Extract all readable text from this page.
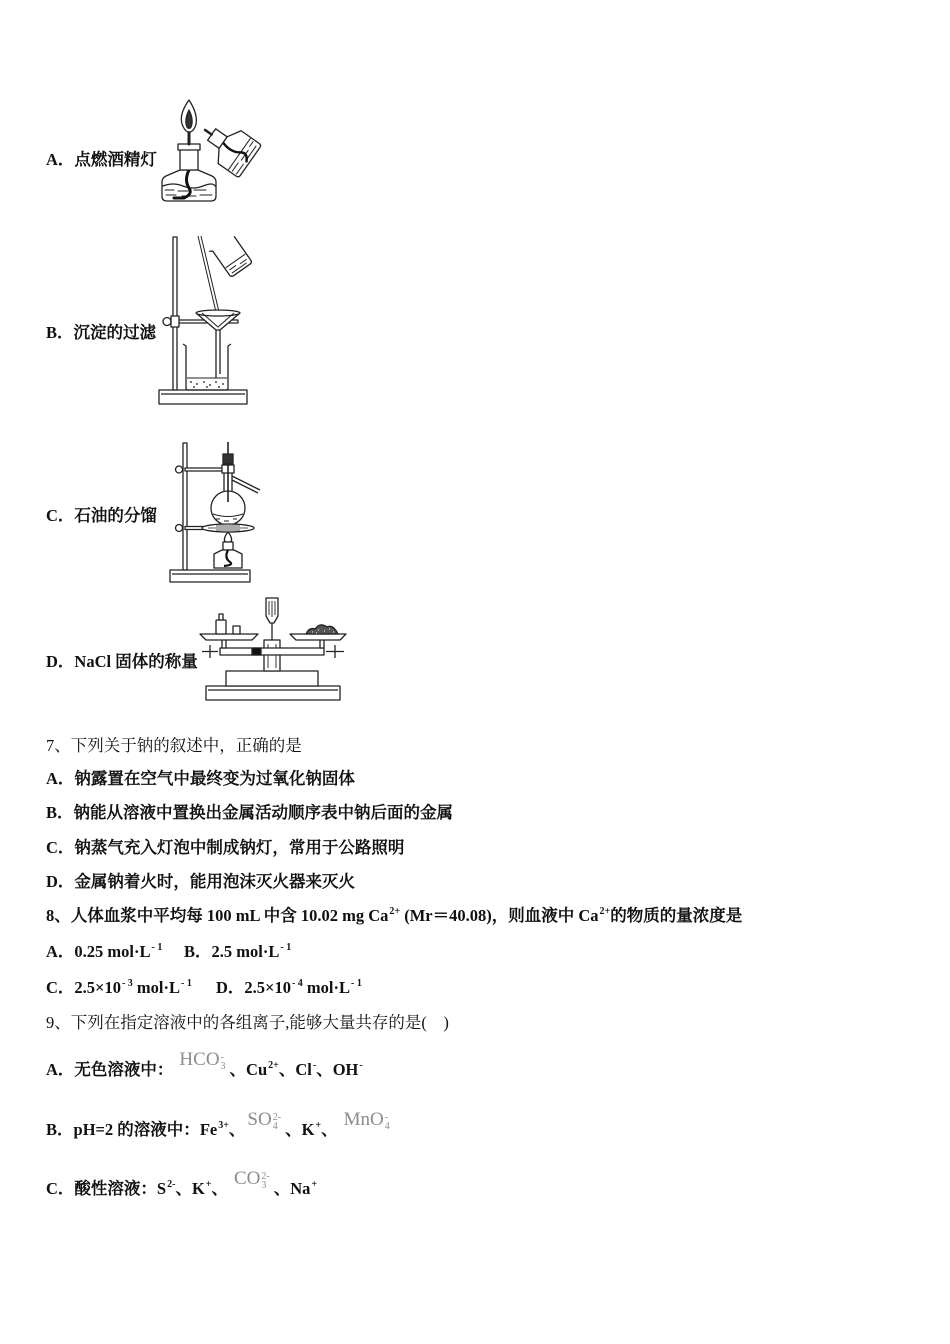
A．点燃酒精灯
B．沉淀的过滤
C．石油的分馏
D．NaCl 固体的称量
7、下列关于钠的叙述中，正确的是
A．钠露置在空气中最终变为过氧化钠固体
B．钠能从溶液中置换出金属活动顺序表中钠后面的金属
C．钠蒸气充入灯泡中制成钠灯，常用于公路照明
D．金属钠着火时，能用泡沫灭火器来灭火
8、人体血浆中平均每 100 mL 中含 10.02 mg $Ca^{2+}$ (Mr＝40.08)，则血液中 $Ca^{2+}$的物质的量浓度是
A．0.25 $mol\cdot L^{- 1}$ B．2.5 $mol\cdot L^{- 1}$
C．$2.5\times 10^{- 3}$ $mol\cdot L^{- 1}$ D．$2.5\times 10^{- 4}$ $mol\cdot L^{- 1}$
9、下列在指定溶液中的各组离子,能够大量共存的是(　)
A．无色溶液中： HCO -
3 、$Cu^{2+}$、Cl-、OH-
B．pH=2 的溶液中：$Fe^{3+}$、 SO 2-
4 、K+、 MnO -
4
C．酸性溶液：$S^{2-}$、K+、 CO 2-
3 、Na+
